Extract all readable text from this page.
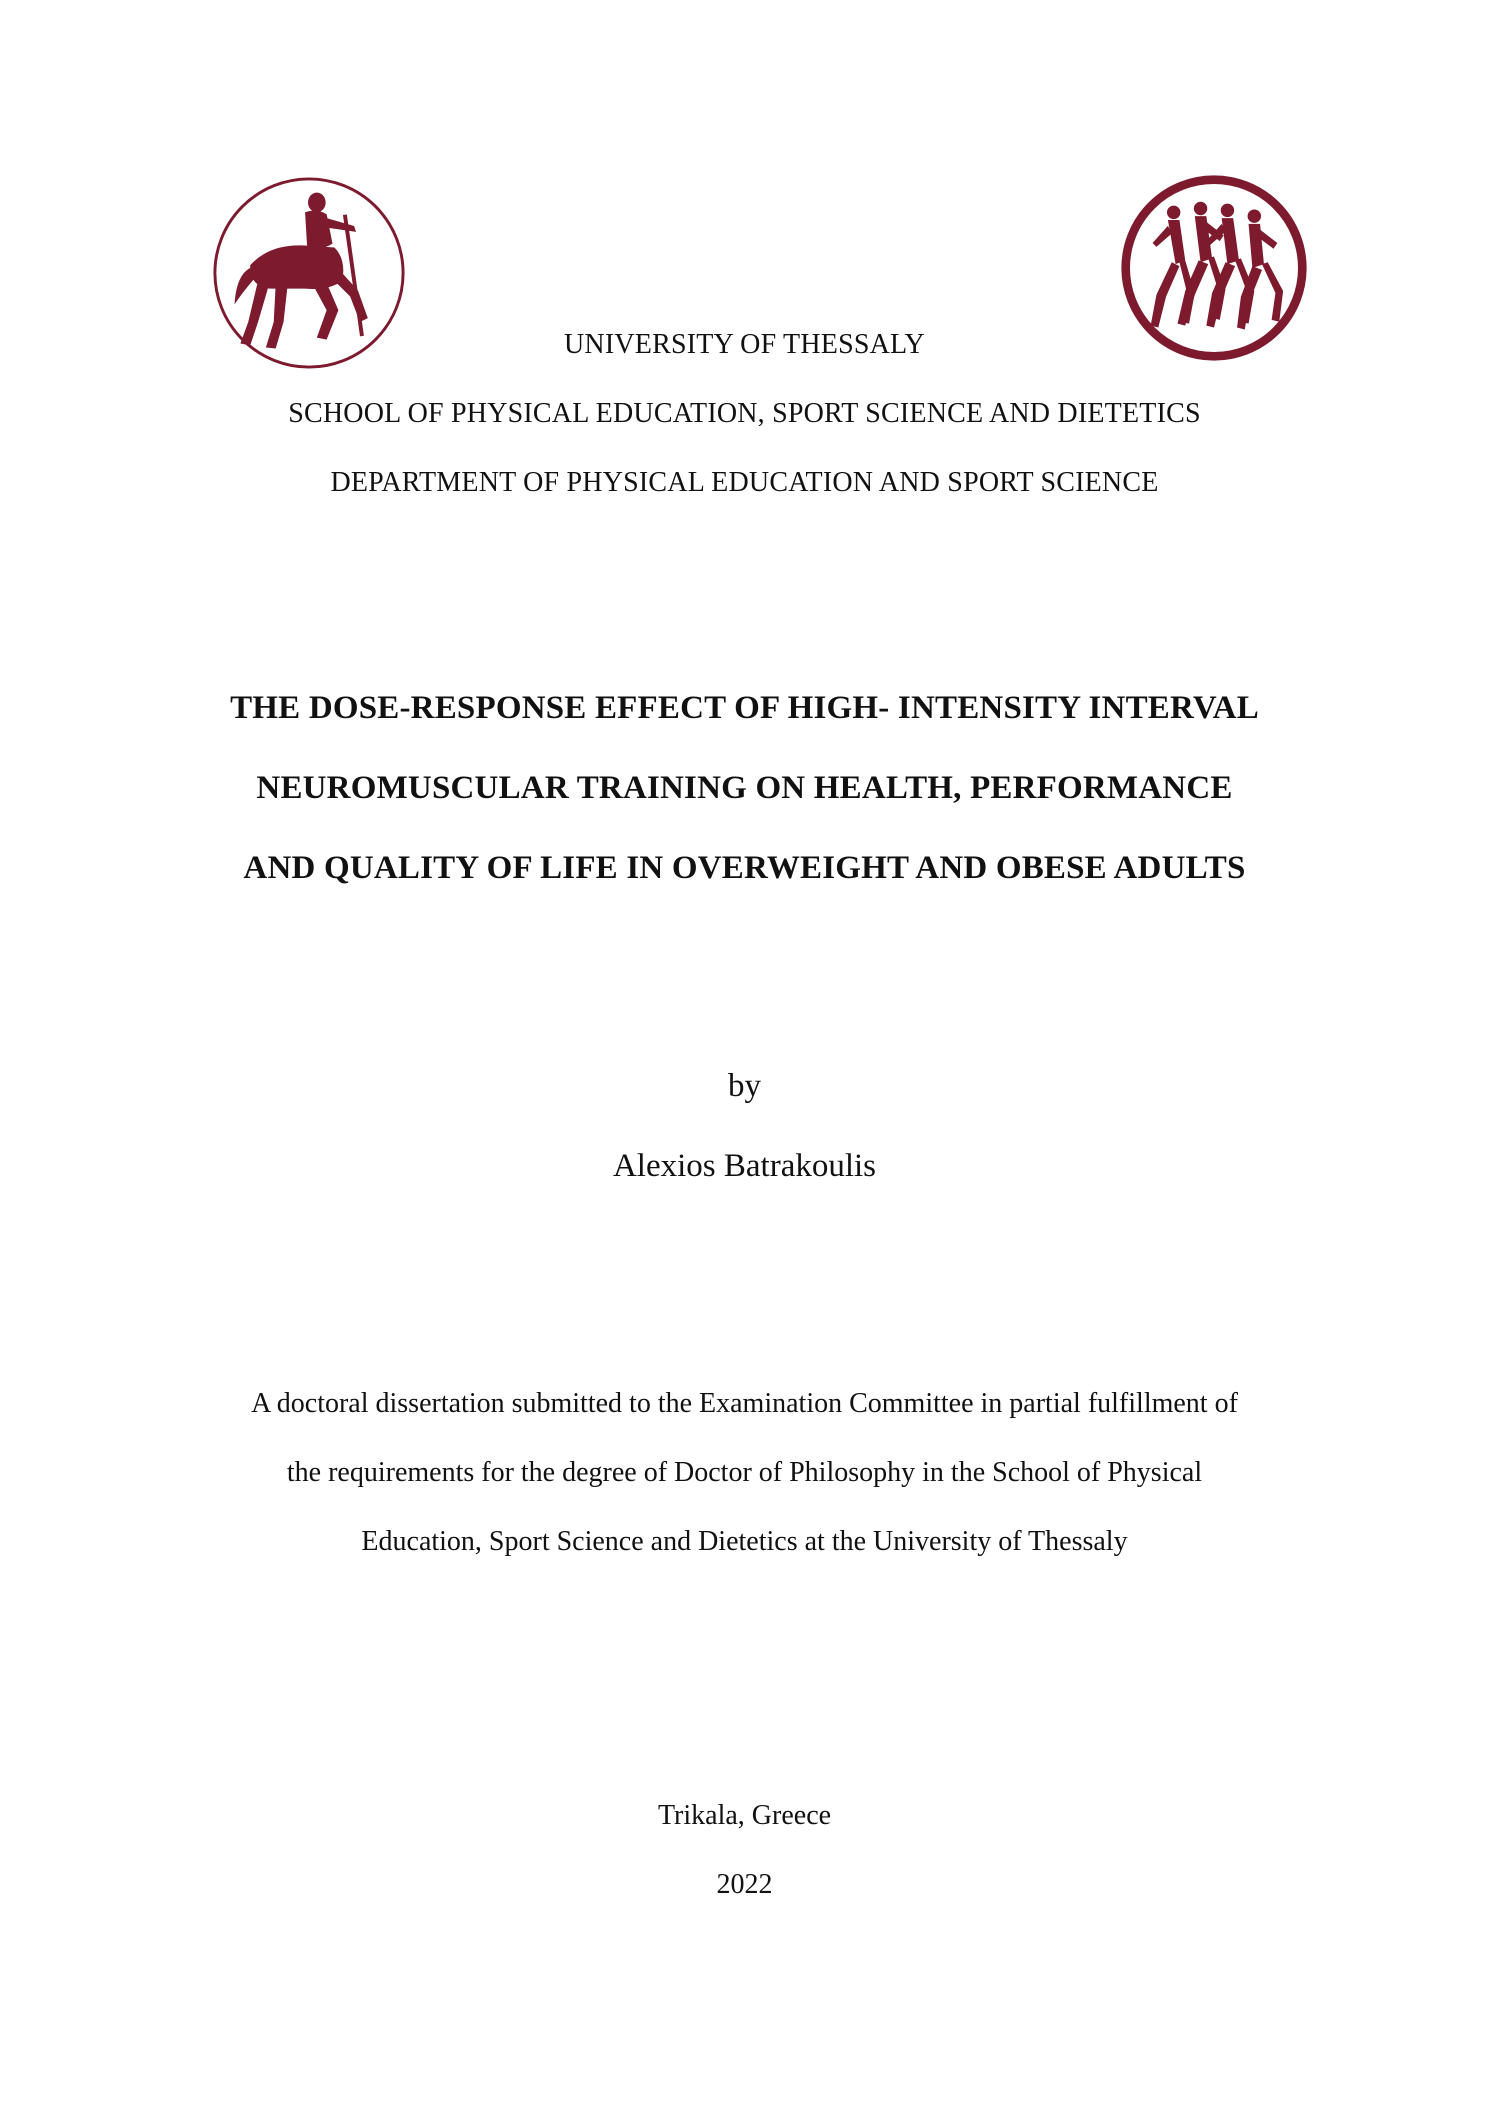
UNIVERSITY OF THESSALY
SCHOOL OF PHYSICAL EDUCATION, SPORT SCIENCE AND DIETETICS
DEPARTMENT OF PHYSICAL EDUCATION AND SPORT SCIENCE
THE DOSE-RESPONSE EFFECT OF HIGH- INTENSITY INTERVAL
NEUROMUSCULAR TRAINING ON HEALTH, PERFORMANCE
AND QUALITY OF LIFE IN OVERWEIGHT AND OBESE ADULTS
by
Alexios Batrakoulis
A doctoral dissertation submitted to the Examination Committee in partial fulfillment of
the requirements for the degree of Doctor of Philosophy in the School of Physical
Education, Sport Science and Dietetics at the University of Thessaly
Trikala, Greece
2022
